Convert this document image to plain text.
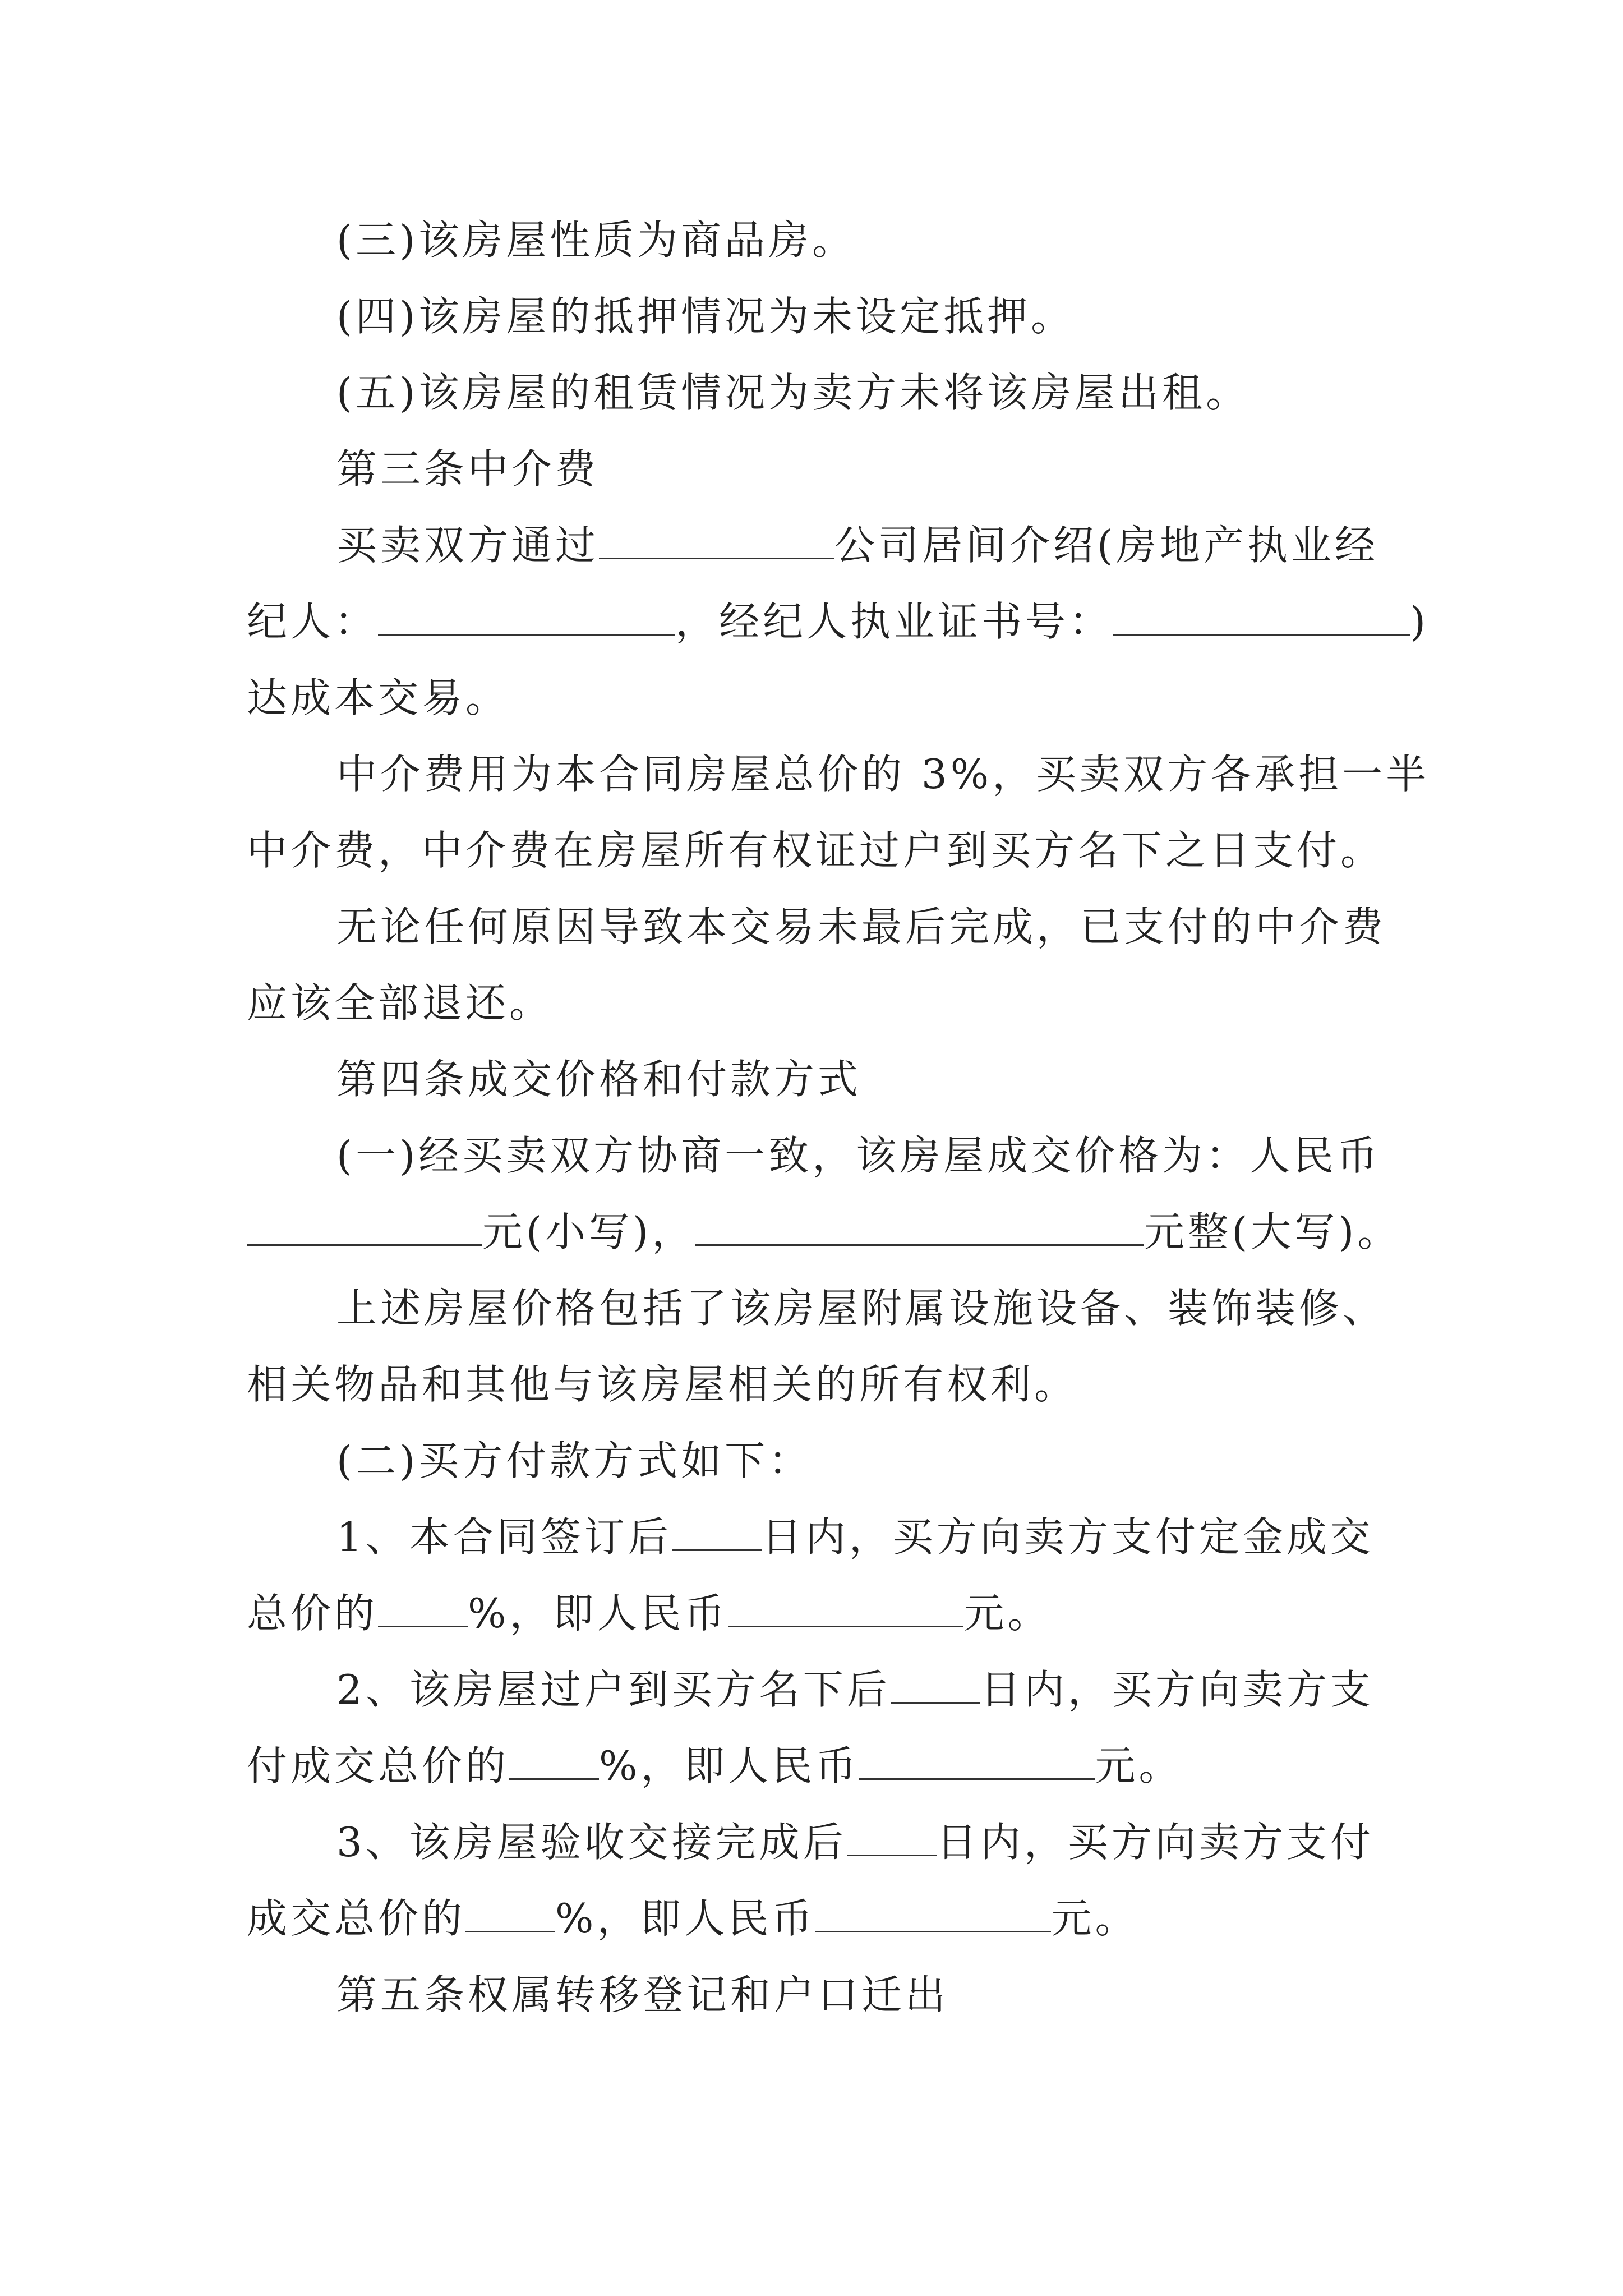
(三)该房屋性质为商品房。
(四)该房屋的抵押情况为未设定抵押。
(五)该房屋的租赁情况为卖方未将该房屋出租。
第三条中介费
买卖双方通过	公司居间介绍(房地产执业经
纪人：	，经纪人执业证书号：	)
达成本交易。
中介费用为本合同房屋总价的 3%，买卖双方各承担一半
中介费，中介费在房屋所有权证过户到买方名下之日支付。
无论任何原因导致本交易未最后完成，已支付的中介费
应该全部退还。
第四条成交价格和付款方式
(一)经买卖双方协商一致，该房屋成交价格为：人民币
元(小写)，	元整(大写)。
上述房屋价格包括了该房屋附属设施设备、装饰装修、
相关物品和其他与该房屋相关的所有权利。
(二)买方付款方式如下：
1、本合同签订后 日内，买方向卖方支付定金成交
总价的 %，即人民币	元。
2、该房屋过户到买方名下后 日内，买方向卖方支
付成交总价的 %，即人民币	元。
3、该房屋验收交接完成后 日内，买方向卖方支付
成交总价的 %，即人民币	元。
第五条权属转移登记和户口迁出
